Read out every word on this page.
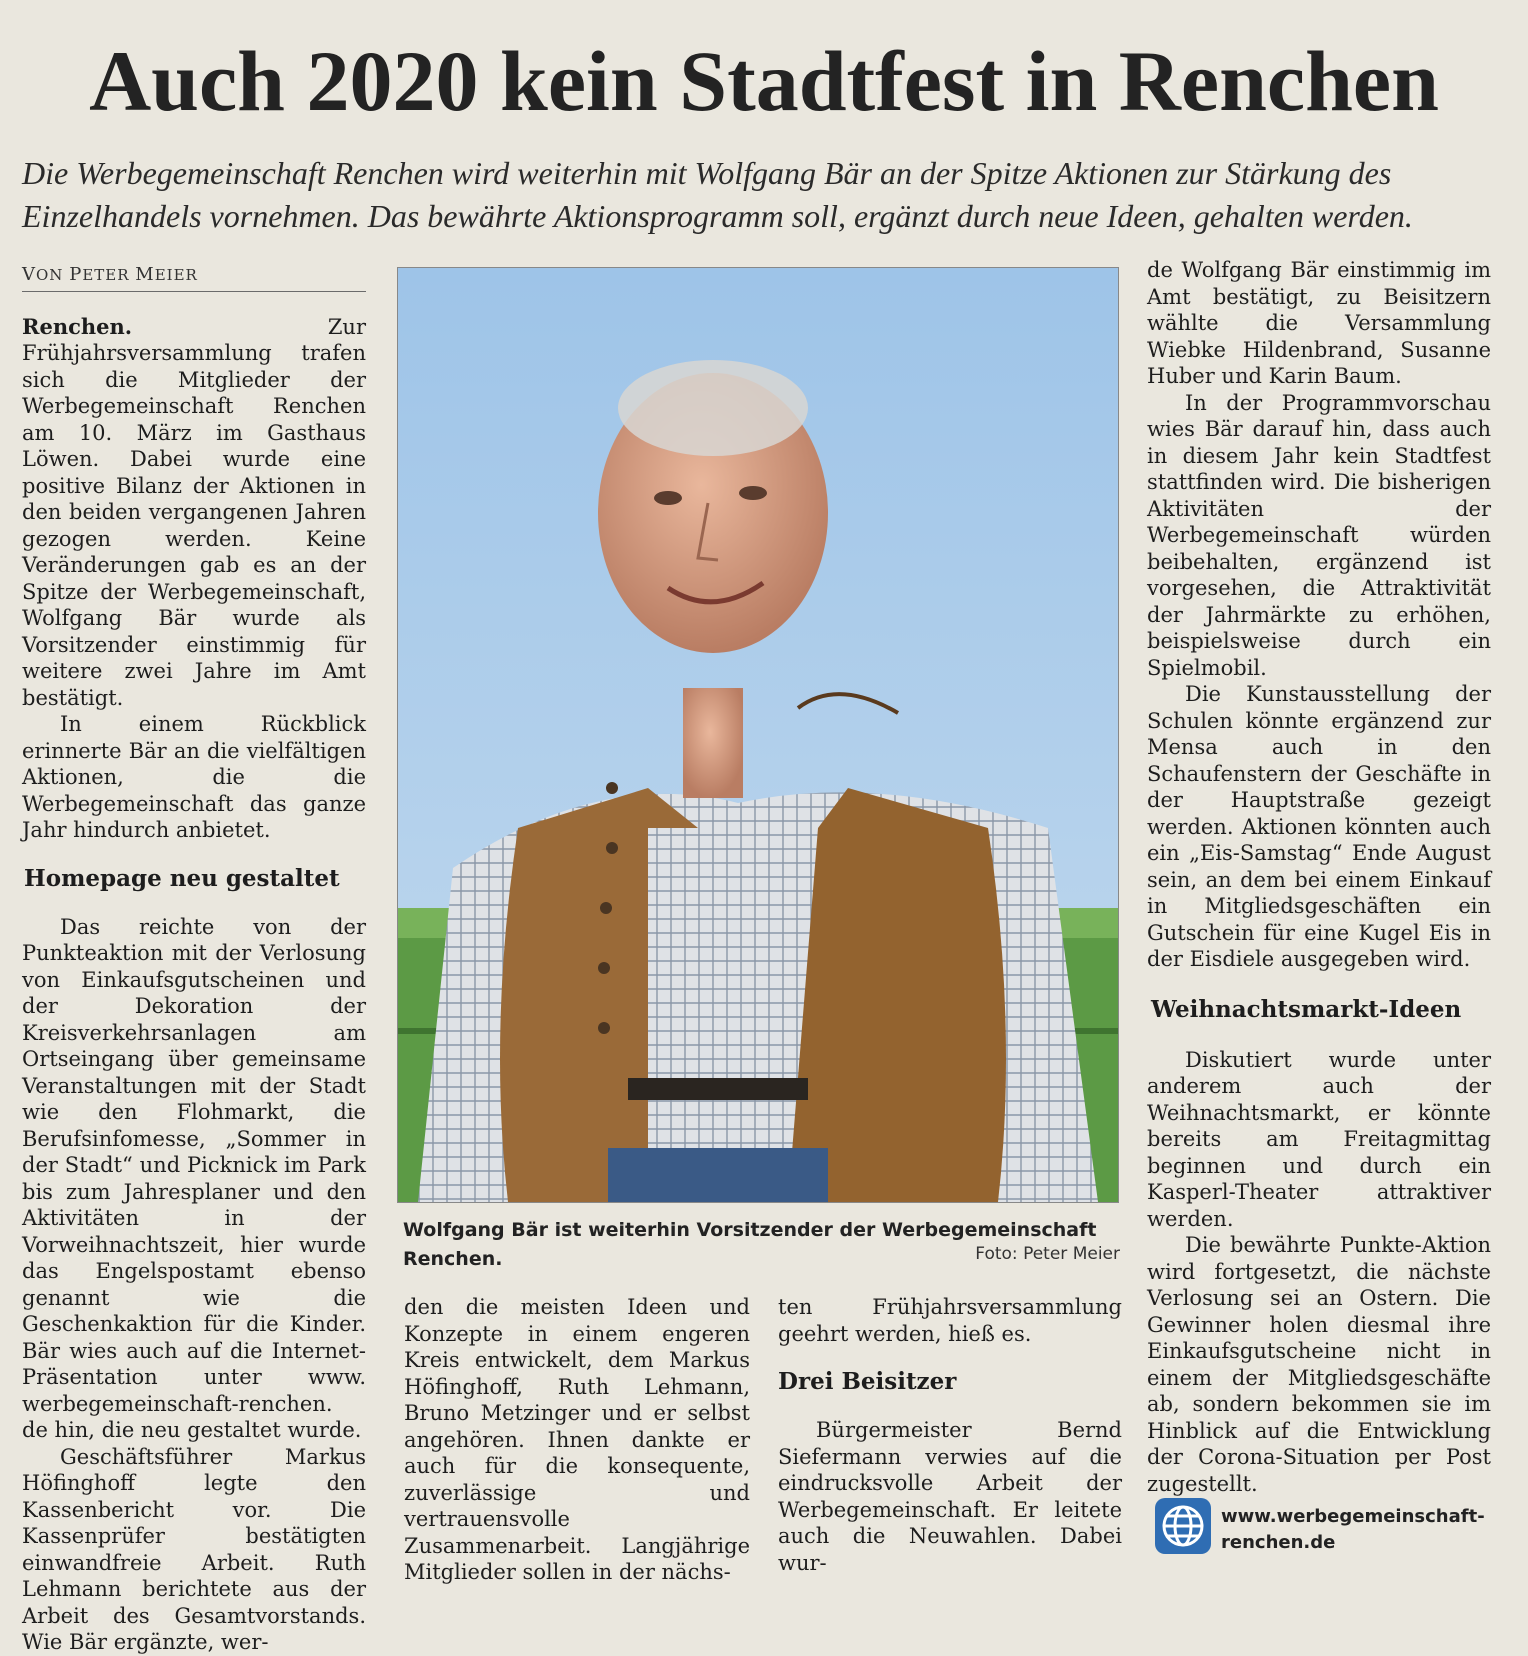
Auch 2020 kein Stadtfest in Renchen
Die Werbegemeinschaft Renchen wird weiterhin mit Wolfgang Bär an der Spitze Aktionen zur Stärkung des
Einzelhandels vornehmen. Das bewährte Aktionsprogramm soll, ergänzt durch neue Ideen, gehalten werden.
VON PETER MEIER

Renchen. Zur Frühjahrsversammlung trafen sich die Mitglieder der Werbegemeinschaft Renchen am 10. März im Gasthaus Löwen. Dabei wurde eine positive Bilanz der Aktionen in den beiden vergangenen Jahren gezogen werden. Keine Veränderungen gab es an der Spitze der Werbegemeinschaft, Wolfgang Bär wurde als Vorsitzender einstimmig für weitere zwei Jahre im Amt bestätigt.

In einem Rückblick erinnerte Bär an die vielfältigen Aktionen, die die Werbegemeinschaft das ganze Jahr hindurch anbietet.

Homepage neu gestaltet

Das reichte von der Punkteaktion mit der Verlosung von Einkaufsgutscheinen und der Dekoration der Kreisverkehrsanlagen am Ortseingang über gemeinsame Veranstaltungen mit der Stadt wie den Flohmarkt, die Berufsinfomesse, „Sommer in der Stadt“ und Picknick im Park bis zum Jahresplaner und den Aktivitäten in der Vorweihnachtszeit, hier wurde das Engelspostamt ebenso genannt wie die Geschenkaktion für die Kinder. Bär wies auch auf die Internet-Präsentation unter www. werbegemeinschaft-renchen.
de hin, die neu gestaltet wurde.

Geschäftsführer Markus Höfinghoff legte den Kassenbericht vor. Die Kassenprüfer bestätigten einwandfreie Arbeit. Ruth Lehmann berichtete aus der Arbeit des Gesamtvorstands. Wie Bär ergänzte, wer-

Wolfgang Bär ist weiterhin Vorsitzender der Werbegemeinschaft Renchen.	Foto: Peter Meier

den die meisten Ideen und Konzepte in einem engeren Kreis entwickelt, dem Markus Höfinghoff, Ruth Lehmann, Bruno Metzinger und er selbst angehören. Ihnen dankte er auch für die konsequente, zuverlässige und vertrauensvolle Zusammenarbeit. Langjährige Mitglieder sollen in der nächs-

ten Frühjahrsversammlung geehrt werden, hieß es.

Drei Beisitzer

Bürgermeister Bernd Siefermann verwies auf die eindrucksvolle Arbeit der Werbegemeinschaft. Er leitete auch die Neuwahlen. Dabei wur-

de Wolfgang Bär einstimmig im Amt bestätigt, zu Beisitzern wählte die Versammlung Wiebke Hildenbrand, Susanne Huber und Karin Baum.

In der Programmvorschau wies Bär darauf hin, dass auch in diesem Jahr kein Stadtfest stattfinden wird. Die bisherigen Aktivitäten der Werbegemeinschaft würden beibehalten, ergänzend ist vorgesehen, die Attraktivität der Jahrmärkte zu erhöhen, beispielsweise durch ein Spielmobil.

Die Kunstausstellung der Schulen könnte ergänzend zur Mensa auch in den Schaufenstern der Geschäfte in der Hauptstraße gezeigt werden. Aktionen könnten auch ein „Eis-Samstag“ Ende August sein, an dem bei einem Einkauf in Mitgliedsgeschäften ein Gutschein für eine Kugel Eis in der Eisdiele ausgegeben wird.

Weihnachtsmarkt-Ideen

Diskutiert wurde unter anderem auch der Weihnachtsmarkt, er könnte bereits am Freitagmittag beginnen und durch ein Kasperl-Theater attraktiver werden.

Die bewährte Punkte-Aktion wird fortgesetzt, die nächste Verlosung sei an Ostern. Die Gewinner holen diesmal ihre Einkaufsgutscheine nicht in einem der Mitgliedsgeschäfte ab, sondern bekommen sie im Hinblick auf die Entwicklung der Corona-Situation per Post zugestellt.

www.werbegemeinschaft-
renchen.de
